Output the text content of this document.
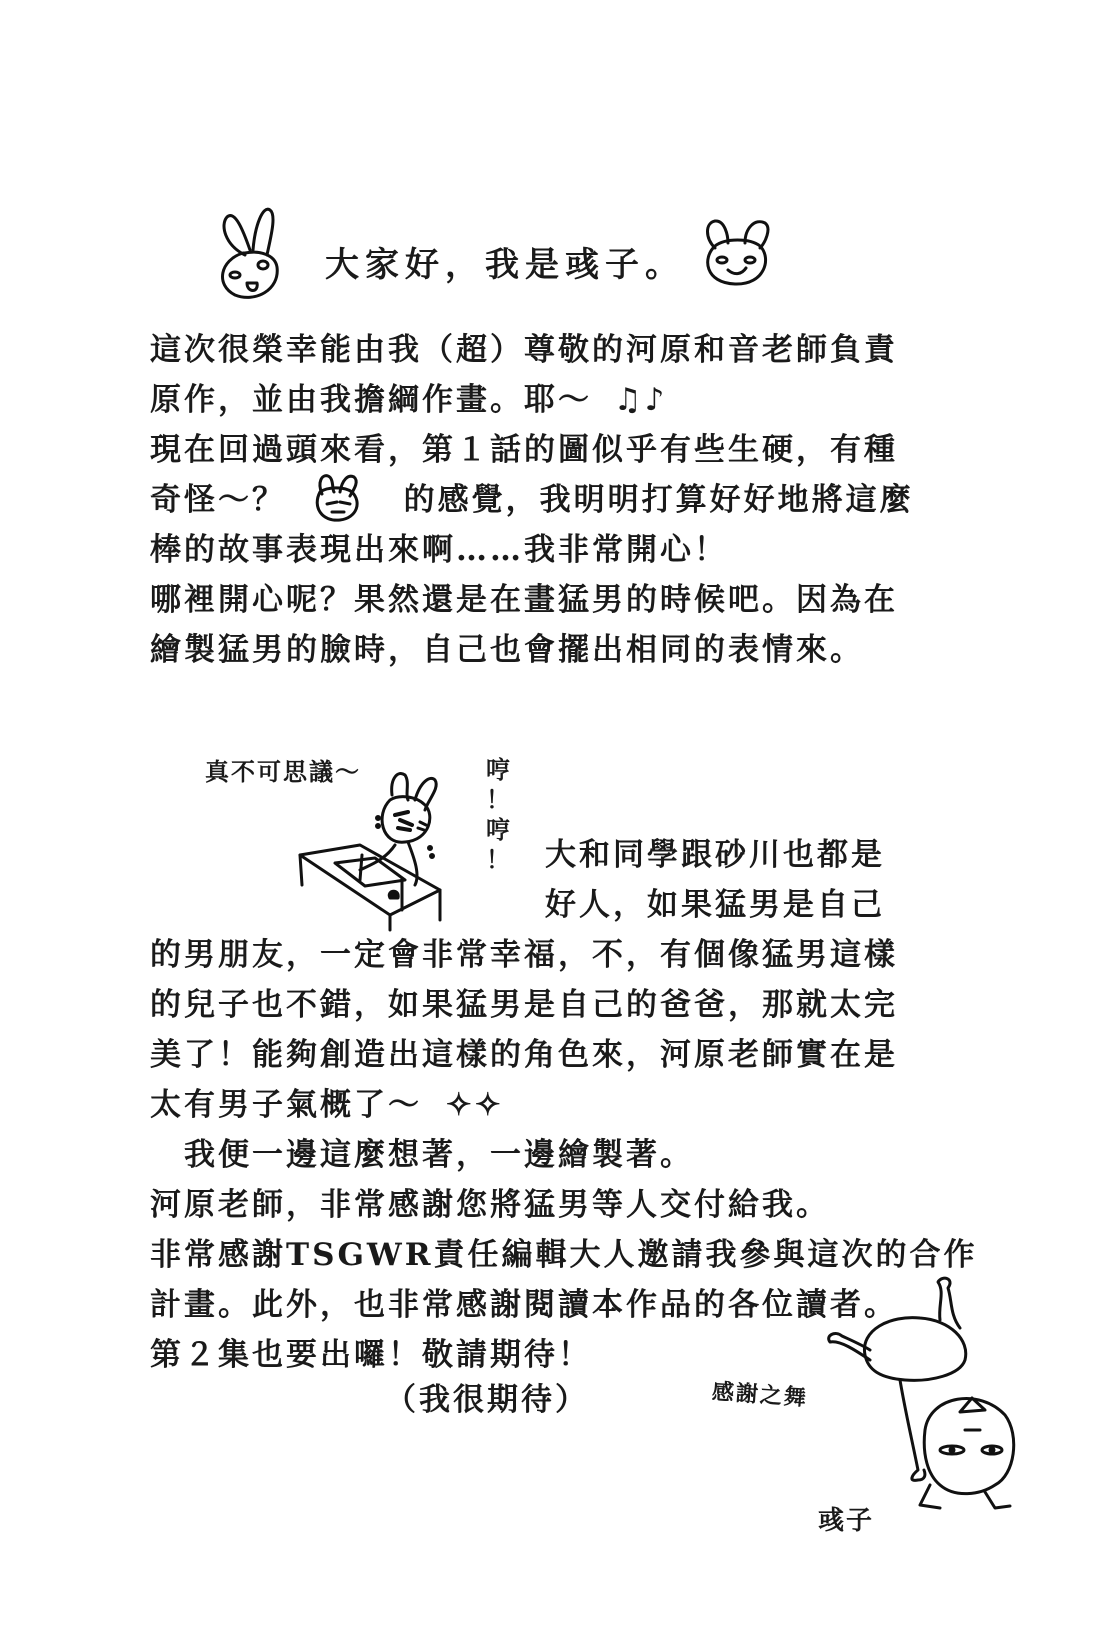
大家好，我是彧子。
這次很榮幸能由我（超）尊敬的河原和音老師負責
原作，並由我擔綱作畫。耶～ ♫♪
現在回過頭來看，第１話的圖似乎有些生硬，有種
奇怪～？	的感覺，我明明打算好好地將這麼
棒的故事表現出來啊……我非常開心！
哪裡開心呢？果然還是在畫猛男的時候吧。因為在
繪製猛男的臉時，自己也會擺出相同的表情來。
真不可思議～	哼
！
哼
！ 大和同學跟砂川也都是
好人，如果猛男是自己
的男朋友，一定會非常幸福，不，有個像猛男這樣
的兒子也不錯，如果猛男是自己的爸爸，那就太完
美了！能夠創造出這樣的角色來，河原老師實在是
太有男子氣概了～ ✧✧
　我便一邊這麼想著，一邊繪製著。
河原老師，非常感謝您將猛男等人交付給我。
非常感謝TSGWR責任編輯大人邀請我參與這次的合作
計畫。此外，也非常感謝閱讀本作品的各位讀者。
第２集也要出囉！敬請期待！
（我很期待）	感謝之舞
彧子
